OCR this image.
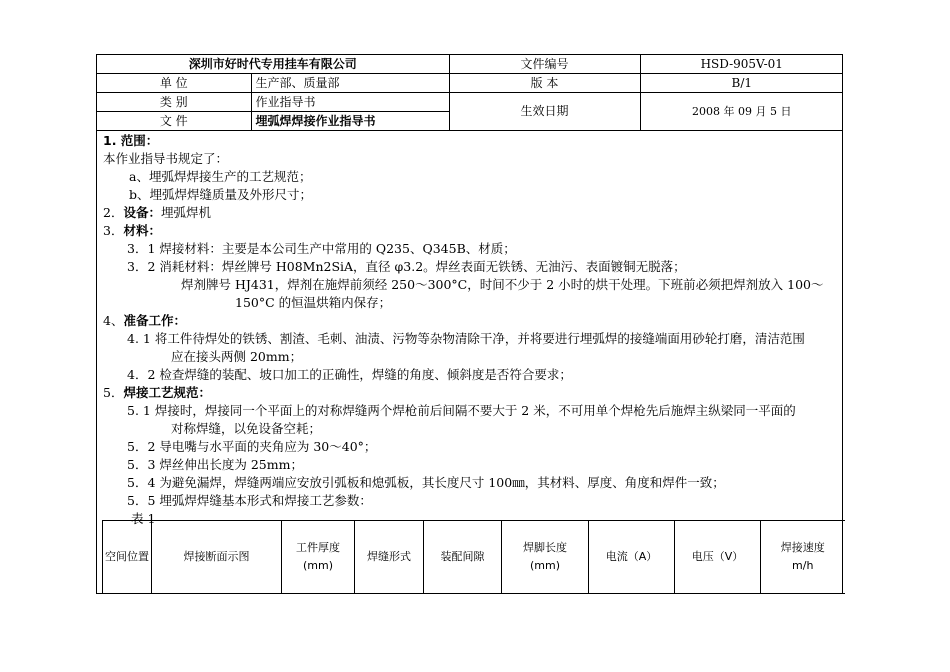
深圳市好时代专用挂车有限公司		文件编号	HSD-905V-01
单 位	生产部、质量部	版 本	B/1
类 别	作业指导书	生效日期	2008 年 09 月 5 日
文 件	埋弧焊焊接作业指导书		
1. 范围：
本作业指导书规定了：
a、埋弧焊焊接生产的工艺规范；
b、埋弧焊焊缝质量及外形尺寸；
2．设备：埋弧焊机
3．材料：
3．1 焊接材料：主要是本公司生产中常用的 Q235、Q345B、材质；
3．2 消耗材料：焊丝牌号 H08Mn2SiA，直径 φ3.2。焊丝表面无铁锈、无油污、表面镀铜无脱落；
焊剂牌号 HJ431，焊剂在施焊前须经 250～300°C，时间不少于 2 小时的烘干处理。下班前必须把焊剂放入 100～
150°C 的恒温烘箱内保存；
4、准备工作：
4. 1 将工件待焊处的铁锈、割渣、毛刺、油渍、污物等杂物清除干净，并将要进行埋弧焊的接缝端面用砂轮打磨，清洁范围
应在接头两侧 20mm；
4．2 检查焊缝的装配、坡口加工的正确性，焊缝的角度、倾斜度是否符合要求；
5．焊接工艺规范：
5. 1 焊接时，焊接同一个平面上的对称焊缝两个焊枪前后间隔不要大于 2 米，不可用单个焊枪先后施焊主纵梁同一平面的
对称焊缝，以免设备空耗；
5．2 导电嘴与水平面的夹角应为 30～40°；
5．3 焊丝伸出长度为 25mm；
5．4 为避免漏焊，焊缝两端应安放引弧板和熄弧板，其长度尺寸 100㎜，其材料、厚度、角度和焊件一致；
5．5 埋弧焊焊缝基本形式和焊接工艺参数：
表 1
空间位置	焊接断面示图	工件厚度
(mm)	焊缝形式	装配间隙	焊脚长度
(mm)	电流（A）	电压（V）	焊接速度
m/h
